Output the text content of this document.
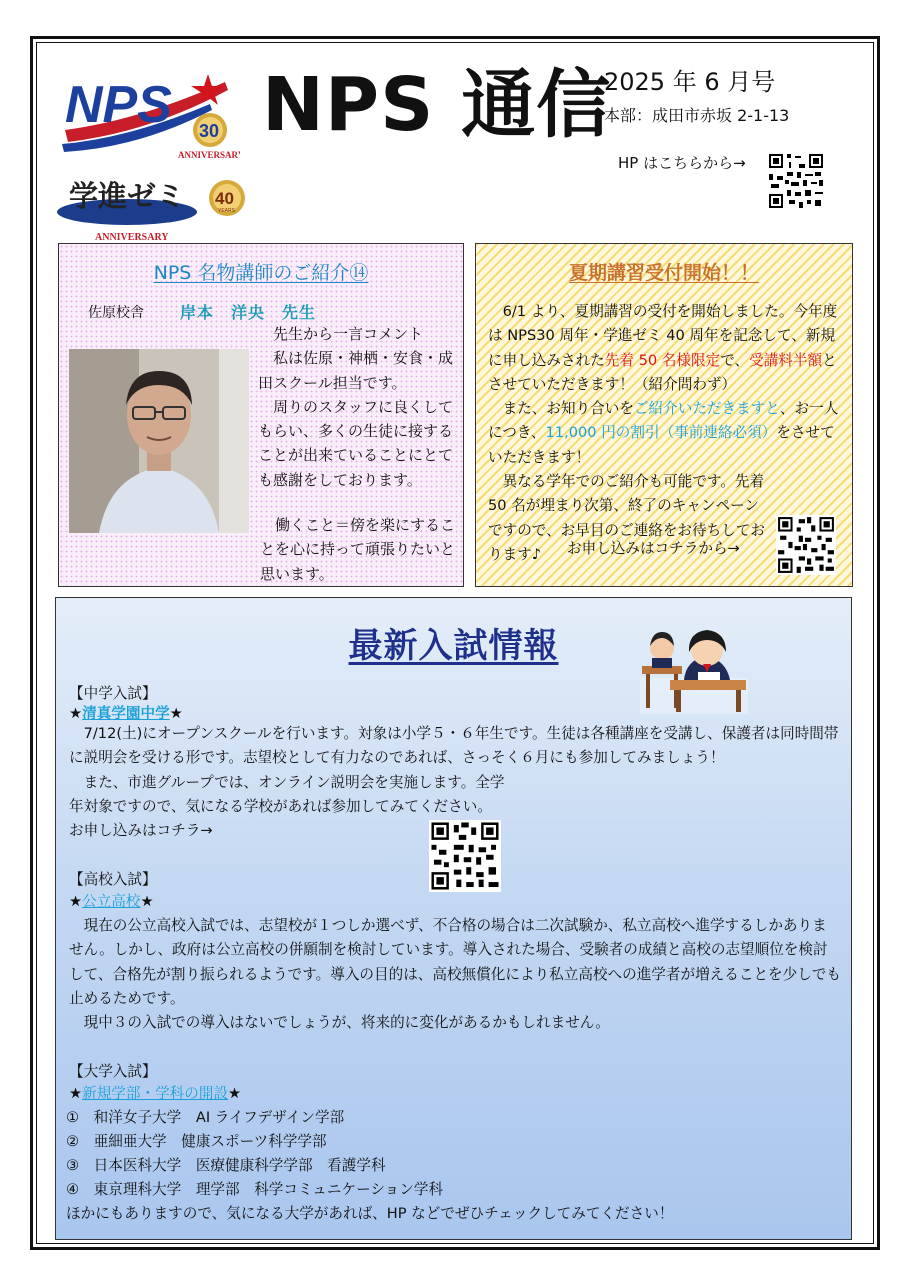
NPS 30
ANNIVERSARY
学進ゼミ 40
YEARS
ANNIVERSARY
NPS 通信
2025 年 6 月号
本部：成田市赤坂 2-1-13
HP はこちらから→
NPS 名物講師のご紹介⑭
佐原校舎 岸本　洋央　先生

先生から一言コメント

私は佐原・神栖・安食・成田スクール担当です。

周りのスタッフに良くしてもらい、多くの生徒に接することが出来ていることにとても感謝をしております。

働くこと＝傍を楽にすることを心に持って頑張りたいと思います。
夏期講習受付開始！！

6/1 より、夏期講習の受付を開始しました。今年度は NPS30 周年・学進ゼミ 40 周年を記念して、新規に申し込みされた先着 50 名様限定で、受講料半額とさせていただきます！（紹介問わず）

また、お知り合いをご紹介いただきますと、お一人につき、11,000 円の割引（事前連絡必須）をさせていただきます！

異なる学年でのご紹介も可能です。先着 50 名が埋まり次第、終了のキャンペーンですので、お早目のご連絡をお待ちしております♪	お申し込みはコチラから→
最新入試情報
【中学入試】
★清真学園中学★

7/12(土)にオープンスクールを行います。対象は小学５・６年生です。生徒は各種講座を受講し、保護者は同時間帯に説明会を受ける形です。志望校として有力なのであれば、さっそく６月にも参加してみましょう！

また、市進グループでは、オンライン説明会を実施します。全学年対象ですので、気になる学校があれば参加してみてください。　お申し込みはコチラ→

【高校入試】
★公立高校★

現在の公立高校入試では、志望校が１つしか選べず、不合格の場合は二次試験か、私立高校へ進学するしかありません。しかし、政府は公立高校の併願制を検討しています。導入された場合、受験者の成績と高校の志望順位を検討して、合格先が割り振られるようです。導入の目的は、高校無償化により私立高校への進学者が増えることを少しでも止めるためです。

現中３の入試での導入はないでしょうが、将来的に変化があるかもしれません。

【大学入試】
★新規学部・学科の開設★
①　和洋女子大学　AI ライフデザイン学部
②　亜細亜大学　健康スポーツ科学学部
③　日本医科大学　医療健康科学学部　看護学科
④　東京理科大学　理学部　科学コミュニケーション学科
ほかにもありますので、気になる大学があれば、HP などでぜひチェックしてみてください！
